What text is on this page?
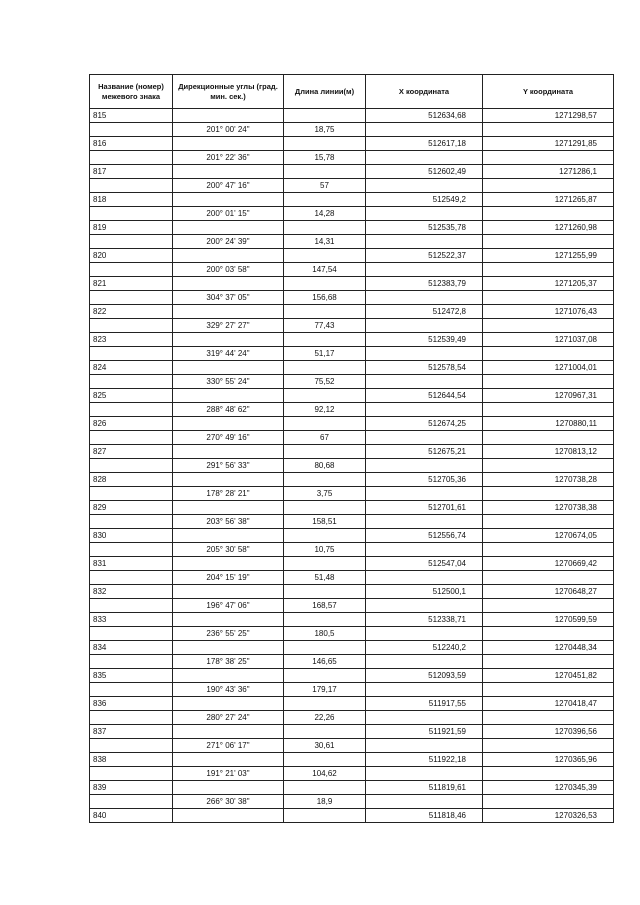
Название (номер) межевого знака	Дирекционные углы (град. мин. сек.)	Длина линии(м)	Х координата	Y координата
815			512634,68	1271298,57
	201° 00' 24"	18,75		
816			512617,18	1271291,85
	201° 22' 36"	15,78		
817			512602,49	1271286,1
	200° 47' 16"	57		
818			512549,2	1271265,87
	200° 01' 15"	14,28		
819			512535,78	1271260,98
	200° 24' 39"	14,31		
820			512522,37	1271255,99
	200° 03' 58"	147,54		
821			512383,79	1271205,37
	304° 37' 05"	156,68		
822			512472,8	1271076,43
	329° 27' 27"	77,43		
823			512539,49	1271037,08
	319° 44' 24"	51,17		
824			512578,54	1271004,01
	330° 55' 24"	75,52		
825			512644,54	1270967,31
	288° 48' 62"	92,12		
826			512674,25	1270880,11
	270° 49' 16"	67		
827			512675,21	1270813,12
	291° 56' 33"	80,68		
828			512705,36	1270738,28
	178° 28' 21"	3,75		
829			512701,61	1270738,38
	203° 56' 38"	158,51		
830			512556,74	1270674,05
	205° 30' 58"	10,75		
831			512547,04	1270669,42
	204° 15' 19"	51,48		
832			512500,1	1270648,27
	196° 47' 06"	168,57		
833			512338,71	1270599,59
	236° 55' 25"	180,5		
834			512240,2	1270448,34
	178° 38' 25"	146,65		
835			512093,59	1270451,82
	190° 43' 36"	179,17		
836			511917,55	1270418,47
	280° 27' 24"	22,26		
837			511921,59	1270396,56
	271° 06' 17"	30,61		
838			511922,18	1270365,96
	191° 21' 03"	104,62		
839			511819,61	1270345,39
	266° 30' 38"	18,9		
840			511818,46	1270326,53
